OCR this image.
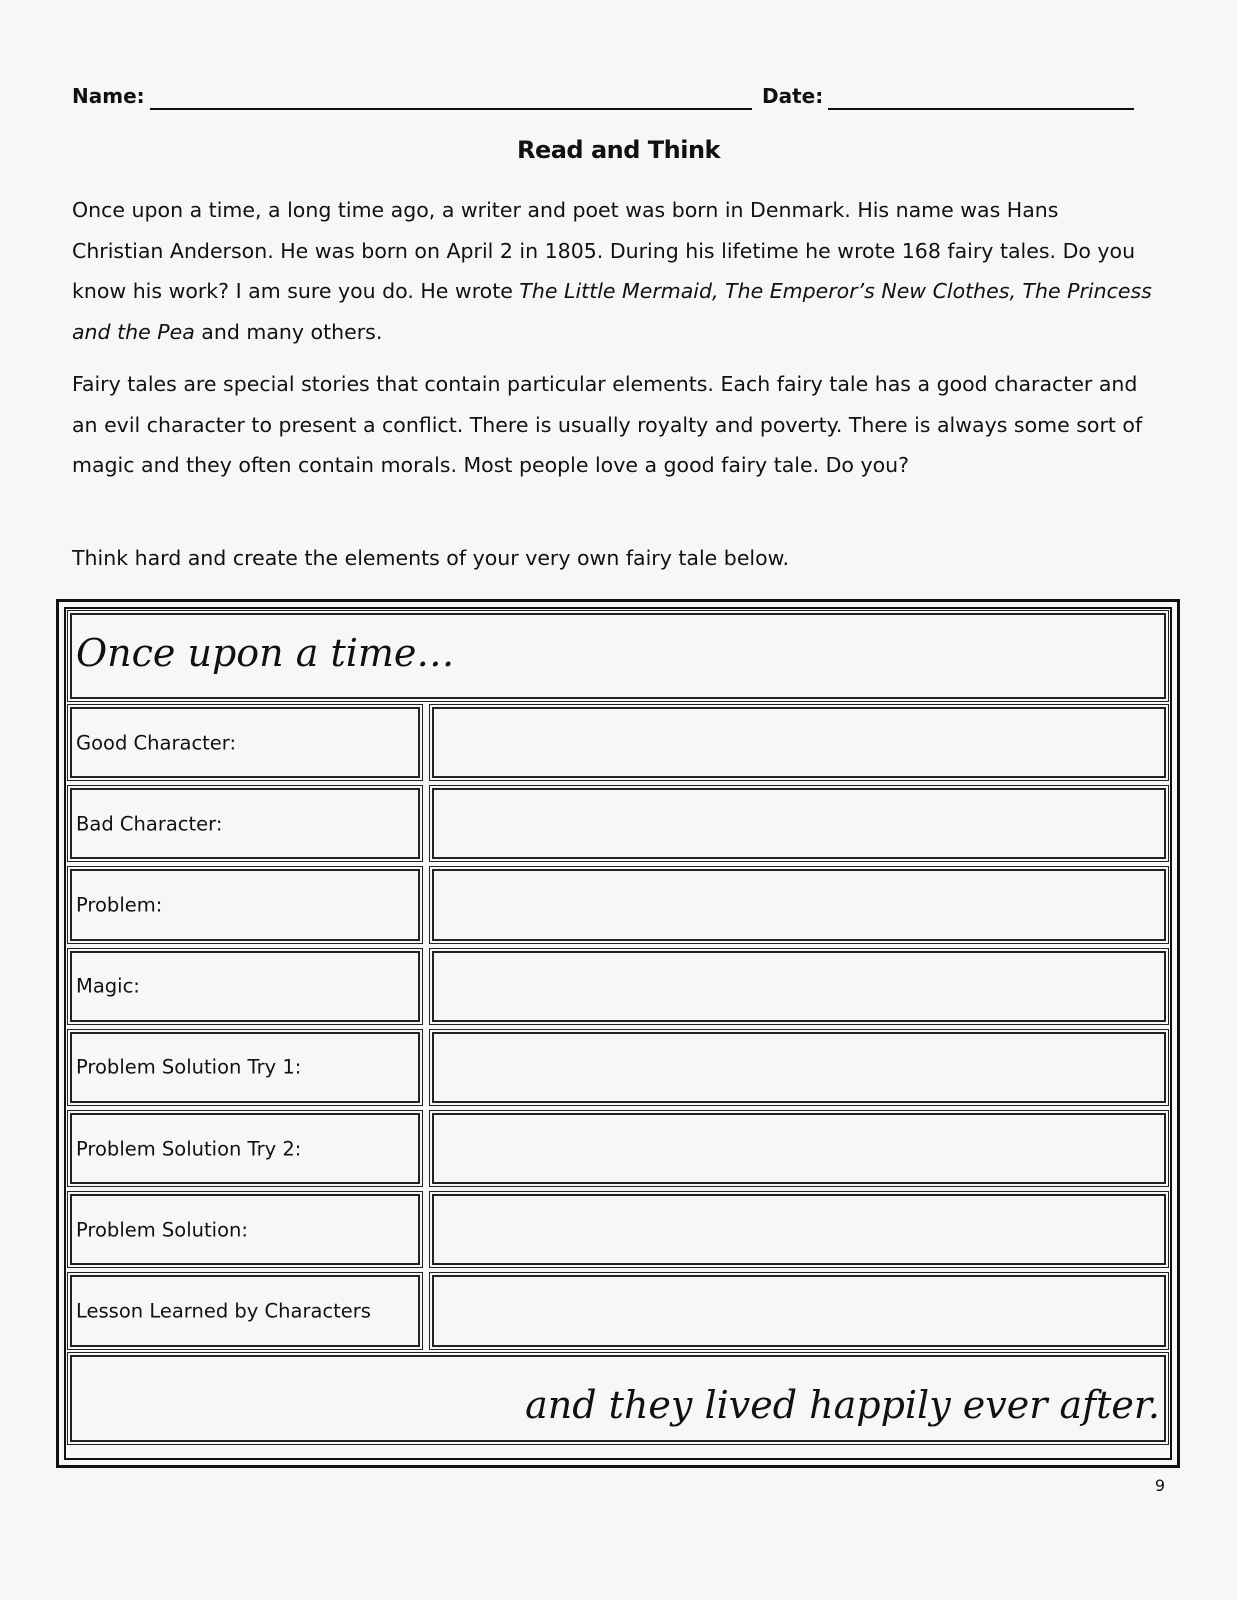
Name:	Date:
Read and Think

Once upon a time, a long time ago, a writer and poet was born in Denmark. His name was Hans Christian Anderson. He was born on April 2 in 1805. During his lifetime he wrote 168 fairy tales. Do you know his work? I am sure you do. He wrote The Little Mermaid, The Emperor’s New Clothes, The Princess and the Pea and many others.

Fairy tales are special stories that contain particular elements. Each fairy tale has a good character and an evil character to present a conflict. There is usually royalty and poverty. There is always some sort of magic and they often contain morals. Most people love a good fairy tale. Do you?

Think hard and create the elements of your very own fairy tale below.

Once upon a time…
Good Character:
Bad Character:
Problem:
Magic:
Problem Solution Try 1:
Problem Solution Try 2:
Problem Solution:
Lesson Learned by Characters
and they lived happily ever after.
9
